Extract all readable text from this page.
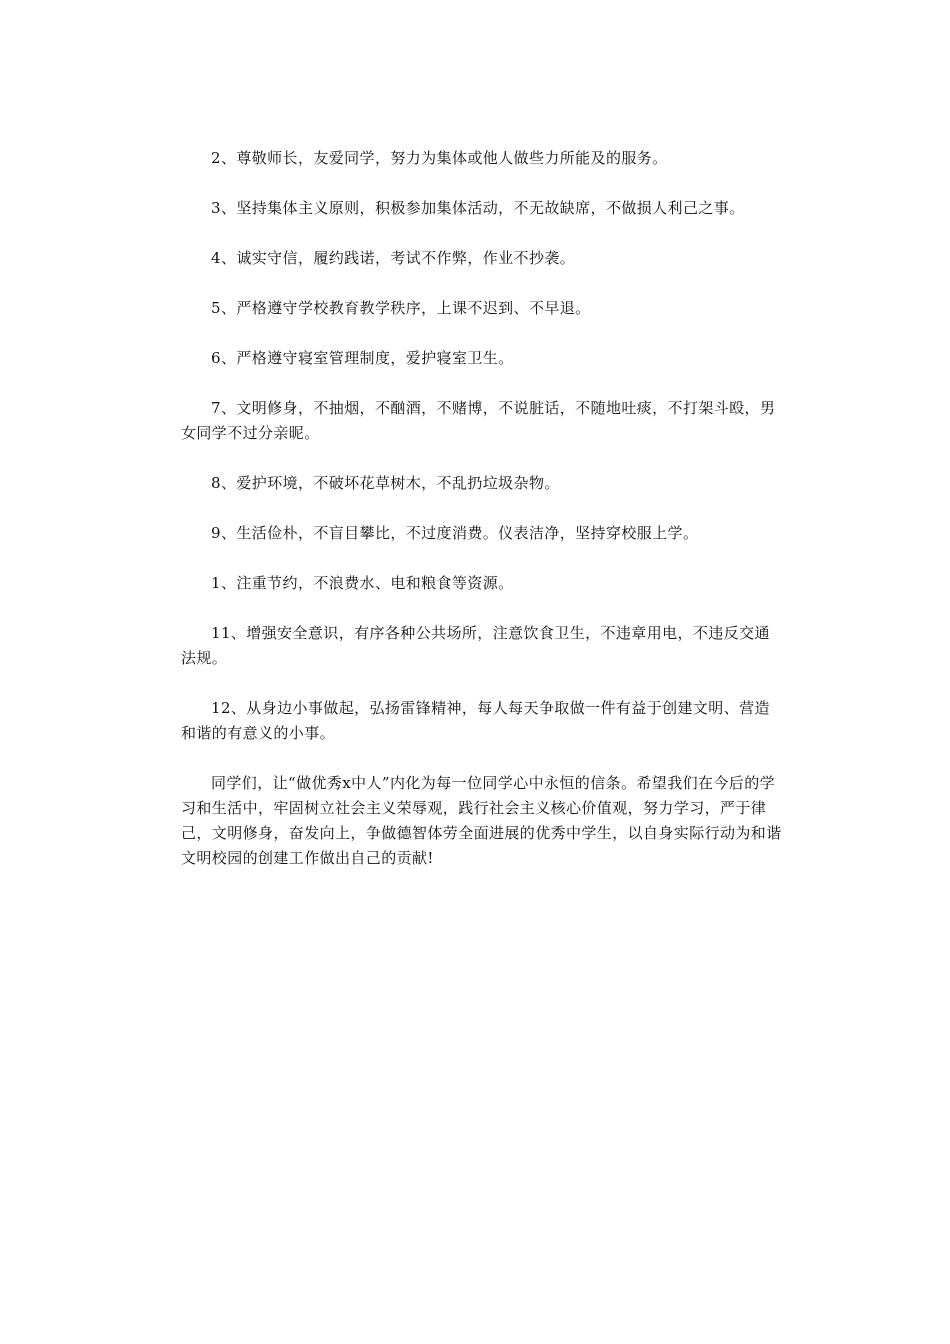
2、尊敬师长，友爱同学，努力为集体或他人做些力所能及的服务。

3、坚持集体主义原则，积极参加集体活动，不无故缺席，不做损人利己之事。

4、诚实守信，履约践诺，考试不作弊，作业不抄袭。

5、严格遵守学校教育教学秩序，上课不迟到、不早退。

6、严格遵守寝室管理制度，爱护寝室卫生。

7、文明修身，不抽烟，不酗酒，不赌博，不说脏话，不随地吐痰，不打架斗殴，男女同学不过分亲昵。

8、爱护环境，不破坏花草树木，不乱扔垃圾杂物。

9、生活俭朴，不盲目攀比，不过度消费。仪表洁净，坚持穿校服上学。

1、注重节约，不浪费水、电和粮食等资源。

11、增强安全意识，有序各种公共场所，注意饮食卫生，不违章用电，不违反交通法规。

12、从身边小事做起，弘扬雷锋精神，每人每天争取做一件有益于创建文明、营造和谐的有意义的小事。

同学们，让“做优秀x中人”内化为每一位同学心中永恒的信条。希望我们在今后的学习和生活中，牢固树立社会主义荣辱观，践行社会主义核心价值观，努力学习，严于律己，文明修身，奋发向上，争做德智体劳全面进展的优秀中学生，以自身实际行动为和谐文明校园的创建工作做出自己的贡献!
